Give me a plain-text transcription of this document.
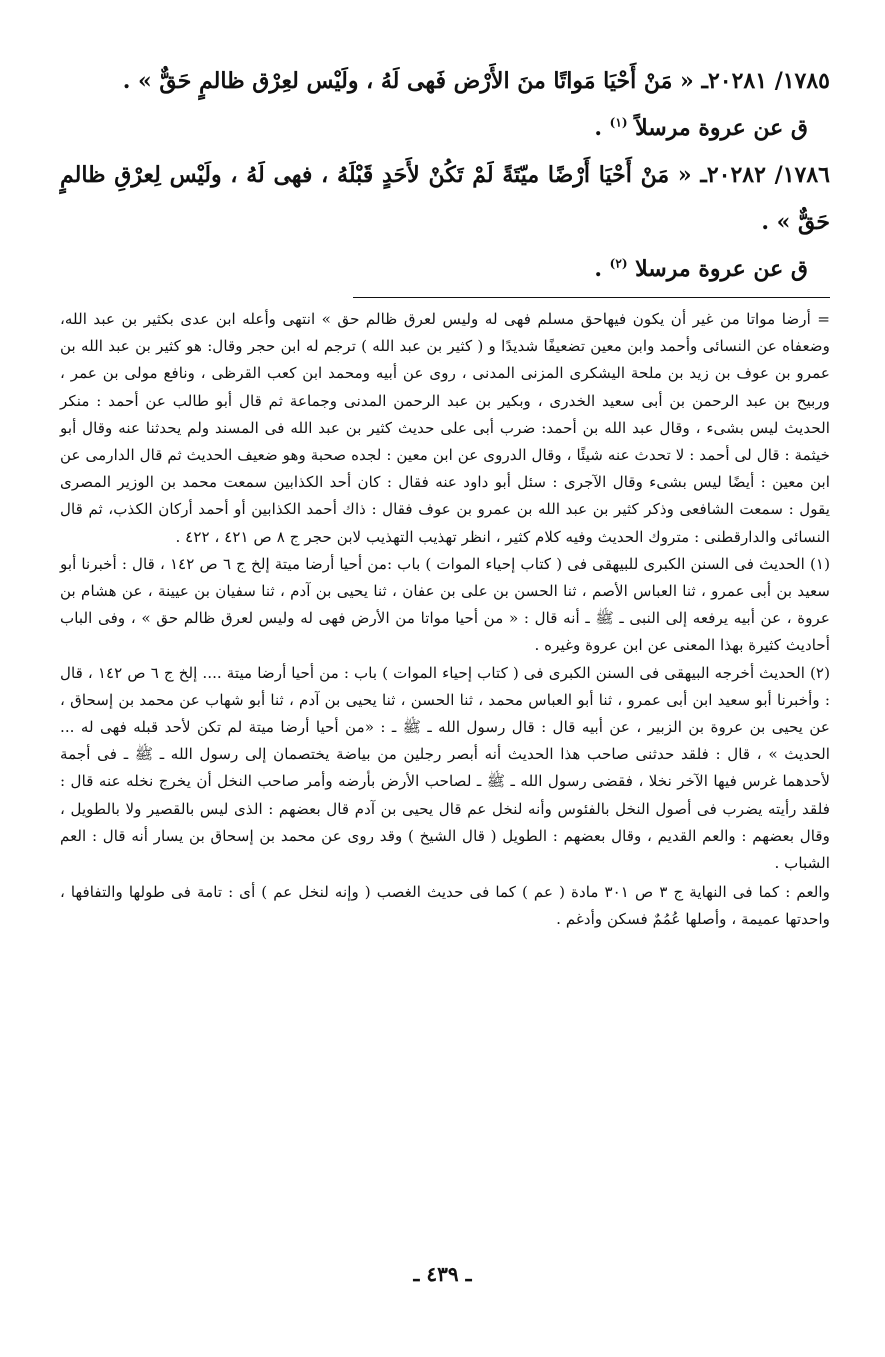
١٧٨٥/ ٢٠٢٨١ـ « مَنْ أَحْيَا مَواتًا منَ الأَرْض فَهى لَهُ ، ولَيْس لعِرْق ظالمٍ حَقٌّ » .

ق عن عروة مرسلاً $^{(١)}$ .

١٧٨٦/ ٢٠٢٨٢ـ « مَنْ أَحْيَا أَرْضًا ميّتَةً لَمْ تَكُنْ لأَحَدٍ قَبْلَهُ ، فهى لَهُ ، ولَيْس لِعرْقِ ظالمٍ حَقٌّ » .

ق عن عروة مرسلا $^{(٢)}$ .

= أرضا مواتا من غير أن يكون فيهاحق مسلم فهى له وليس لعرق ظالم حق » انتهى وأعله ابن عدى بكثير بن عبد الله، وضعفاه عن النسائى وأحمد وابن معين تضعيفًا شديدًا و ( كثير بن عبد الله ) ترجم له ابن حجر وقال: هو كثير بن عبد الله بن عمرو بن عوف بن زيد بن ملحة اليشكرى المزنى المدنى ، روى عن أبيه ومحمد ابن كعب القرظى ، ونافع مولى بن عمر ، وربيح بن عبد الرحمن بن أبى سعيد الخدرى ، وبكير بن عبد الرحمن المدنى وجماعة ثم قال أبو طالب عن أحمد : منكر الحديث ليس بشىء ، وقال عبد الله بن أحمد: ضرب أبى على حديث كثير بن عبد الله فى المسند ولم يحدثنا عنه وقال أبو خيثمة : قال لى أحمد : لا تحدث عنه شيئًا ، وقال الدروى عن ابن معين : لجده صحبة وهو ضعيف الحديث ثم قال الدارمى عن ابن معين : أيضًا ليس بشىء وقال الآجرى : سئل أبو داود عنه فقال : كان أحد الكذابين سمعت محمد بن الوزير المصرى يقول : سمعت الشافعى وذكر كثير بن عبد الله بن عمرو بن عوف فقال : ذاك أحمد الكذابين أو أحمد أركان الكذب، ثم قال النسائى والدارقطنى : متروك الحديث وفيه كلام كثير ، انظر تهذيب التهذيب لابن حجر ج ٨ ص ٤٢١ ، ٤٢٢ .

(١) الحديث فى السنن الكبرى للبيهقى فى ( كتاب إحياء الموات ) باب :من أحيا أرضا ميتة إلخ ج ٦ ص ١٤٢ ، قال : أخبرنا أبو سعيد بن أبى عمرو ، ثنا العباس الأصم ، ثنا الحسن بن على بن عفان ، ثنا يحيى بن آدم ، ثنا سفيان بن عيينة ، عن هشام بن عروة ، عن أبيه يرفعه إلى النبى ـ ﷺ ـ أنه قال : « من أحيا مواتا من الأرض فهى له وليس لعرق ظالم حق » ، وفى الباب أحاديث كثيرة بهذا المعنى عن ابن عروة وغيره .

(٢) الحديث أخرجه البيهقى فى السنن الكبرى فى ( كتاب إحياء الموات ) باب : من أحيا أرضا ميتة .... إلخ ج ٦ ص ١٤٢ ، قال : وأخبرنا أبو سعيد ابن أبى عمرو ، ثنا أبو العباس محمد ، ثنا الحسن ، ثنا يحيى بن آدم ، ثنا أبو شهاب عن محمد بن إسحاق ، عن يحيى بن عروة بن الزبير ، عن أبيه قال : قال رسول الله ـ ﷺ ـ : «من أحيا أرضا ميتة لم تكن لأحد قبله فهى له ... الحديث » ، قال : فلقد حدثنى صاحب هذا الحديث أنه أبصر رجلين من بياضة يختصمان إلى رسول الله ـ ﷺ ـ فى أجمة لأحدهما غرس فيها الآخر نخلا ، فقضى رسول الله ـ ﷺ ـ لصاحب الأرض بأرضه وأمر صاحب النخل أن يخرج نخله عنه قال : فلقد رأيته يضرب فى أصول النخل بالفئوس وأنه لنخل عم قال يحيى بن آدم قال بعضهم : الذى ليس بالقصير ولا بالطويل ، وقال بعضهم : والعم القديم ، وقال بعضهم : الطويل ( قال الشيخ ) وقد روى عن محمد بن إسحاق بن يسار أنه قال : العم الشباب .

والعم : كما فى النهاية ج ٣ ص ٣٠١ مادة ( عم ) كما فى حديث الغصب ( وإنه لنخل عم ) أى : تامة فى طولها والتفافها ، واحدتها عميمة ، وأصلها عُمُمٌ فسكن وأدغم .

ـ ٤٣٩ ـ
